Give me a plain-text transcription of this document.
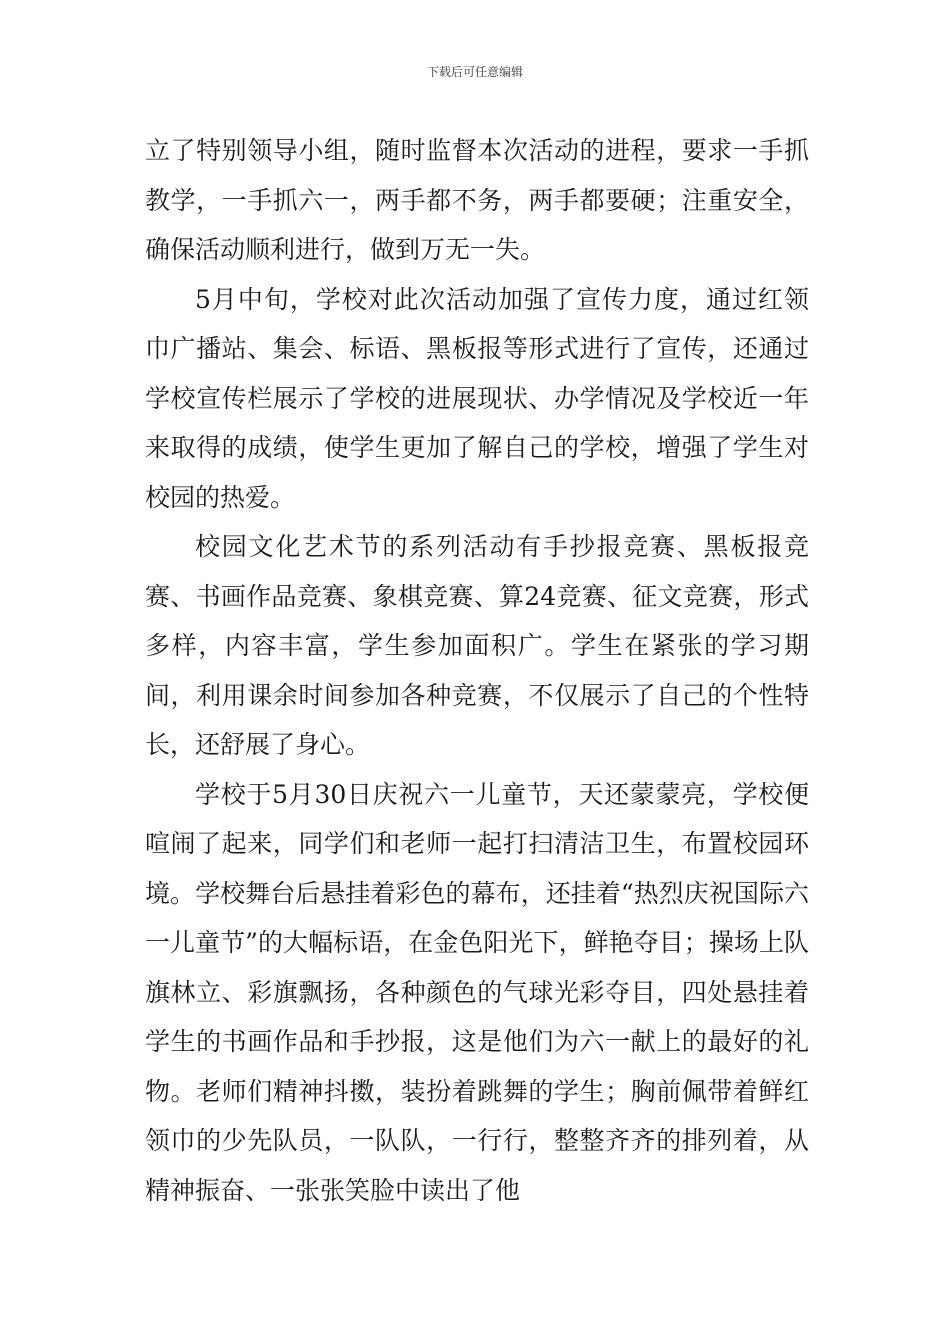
下载后可任意编辑

立了特别领导小组，随时监督本次活动的进程，要求一手抓教学，一手抓六一，两手都不务，两手都要硬；注重安全，确保活动顺利进行，做到万无一失。

5月中旬，学校对此次活动加强了宣传力度，通过红领巾广播站、集会、标语、黑板报等形式进行了宣传，还通过学校宣传栏展示了学校的进展现状、办学情况及学校近一年来取得的成绩，使学生更加了解自己的学校，增强了学生对校园的热爱。

校园文化艺术节的系列活动有手抄报竞赛、黑板报竞赛、书画作品竞赛、象棋竞赛、算24竞赛、征文竞赛，形式多样，内容丰富，学生参加面积广。学生在紧张的学习期间，利用课余时间参加各种竞赛，不仅展示了自己的个性特长，还舒展了身心。

学校于5月30日庆祝六一儿童节，天还蒙蒙亮，学校便喧闹了起来，同学们和老师一起打扫清洁卫生，布置校园环境。学校舞台后悬挂着彩色的幕布，还挂着“热烈庆祝国际六一儿童节”的大幅标语，在金色阳光下，鲜艳夺目；操场上队旗林立、彩旗飘扬，各种颜色的气球光彩夺目，四处悬挂着学生的书画作品和手抄报，这是他们为六一献上的最好的礼物。老师们精神抖擞，装扮着跳舞的学生；胸前佩带着鲜红领巾的少先队员，一队队，一行行，整整齐齐的排列着，从精神振奋、一张张笑脸中读出了他
